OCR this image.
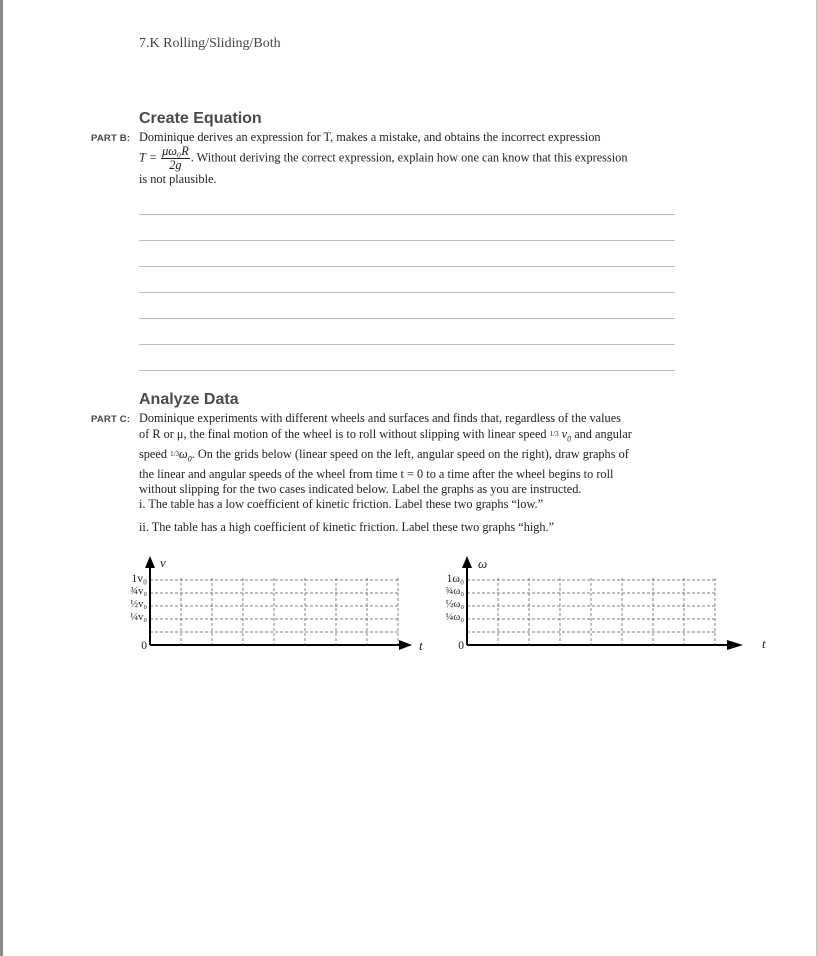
7.K Rolling/Sliding/Both
Create Equation
PART B: Dominique derives an expression for T, makes a mistake, and obtains the incorrect expression

$T = \frac{\text{μω₀R}}{2g}$ . Without deriving the correct expression, explain how one can know that this expression

is not plausible.

Analyze Data
PART C: Dominique experiments with different wheels and surfaces and finds that, regardless of the values

of R or μ, the final motion of the wheel is to roll without slipping with linear speed 1/3 $v_0$ and angular

speed $1/3\omega_0$. On the grids below (linear speed on the left, angular speed on the right), draw graphs of

the linear and angular speeds of the wheel from time t = 0 to a time after the wheel begins to roll

without slipping for the two cases indicated below. Label the graphs as you are instructed.

i. The table has a low coefficient of kinetic friction. Label these two graphs “low.”
ii. The table has a high coefficient of kinetic friction. Label these two graphs “high.”
v
t
1v₀
¾v₀
½v₀
¼v₀
0
ω
t
1ω₀
¾ω₀
½ω₀
¼ω₀
0
